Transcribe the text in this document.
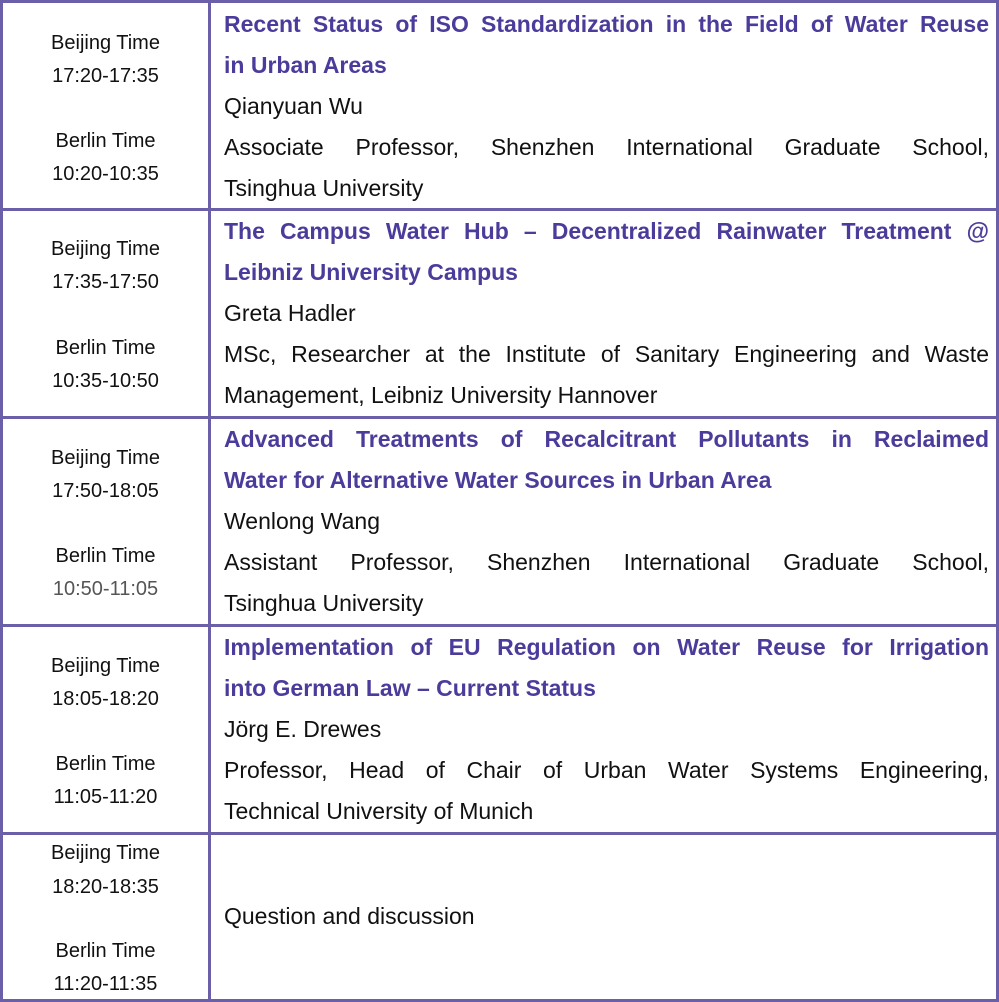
Beijing Time
17:20-17:35
Berlin Time
10:20-10:35
Recent Status of ISO Standardization in the Field of Water Reuse
in Urban Areas
Qianyuan Wu
Associate Professor, Shenzhen International Graduate School,
Tsinghua University
Beijing Time
17:35-17:50
Berlin Time
10:35-10:50
The Campus Water Hub – Decentralized Rainwater Treatment @
Leibniz University Campus
Greta Hadler
MSc, Researcher at the Institute of Sanitary Engineering and Waste
Management, Leibniz University Hannover
Beijing Time
17:50-18:05
Berlin Time
10:50-11:05
Advanced Treatments of Recalcitrant Pollutants in Reclaimed
Water for Alternative Water Sources in Urban Area
Wenlong Wang
Assistant Professor, Shenzhen International Graduate School,
Tsinghua University
Beijing Time
18:05-18:20
Berlin Time
11:05-11:20
Implementation of EU Regulation on Water Reuse for Irrigation
into German Law – Current Status
Jörg E. Drewes
Professor, Head of Chair of Urban Water Systems Engineering,
Technical University of Munich
Beijing Time
18:20-18:35
Berlin Time
11:20-11:35
Question and discussion
